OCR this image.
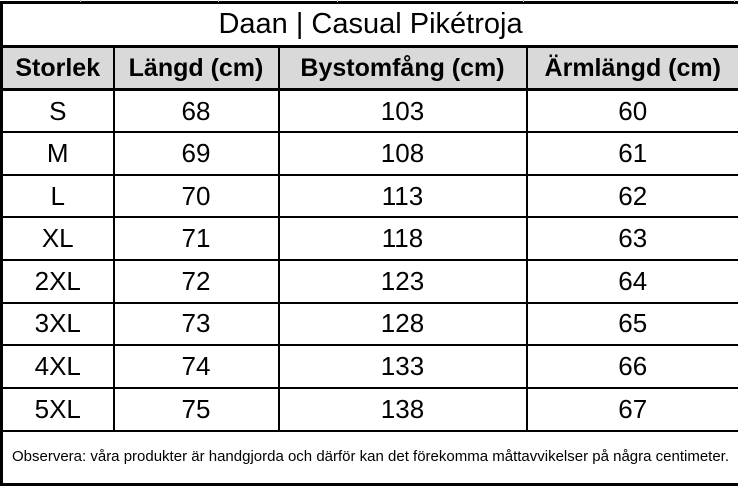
Daan | Casual Pikétroja			
Storlek	Längd (cm)	Bystomfång (cm)	Ärmlängd (cm)
S	68	103	60
M	69	108	61
L	70	113	62
XL	71	118	63
2XL	72	123	64
3XL	73	128	65
4XL	74	133	66
5XL	75	138	67
Observera: våra produkter är handgjorda och därför kan det förekomma måttavvikelser på några centimeter.			
